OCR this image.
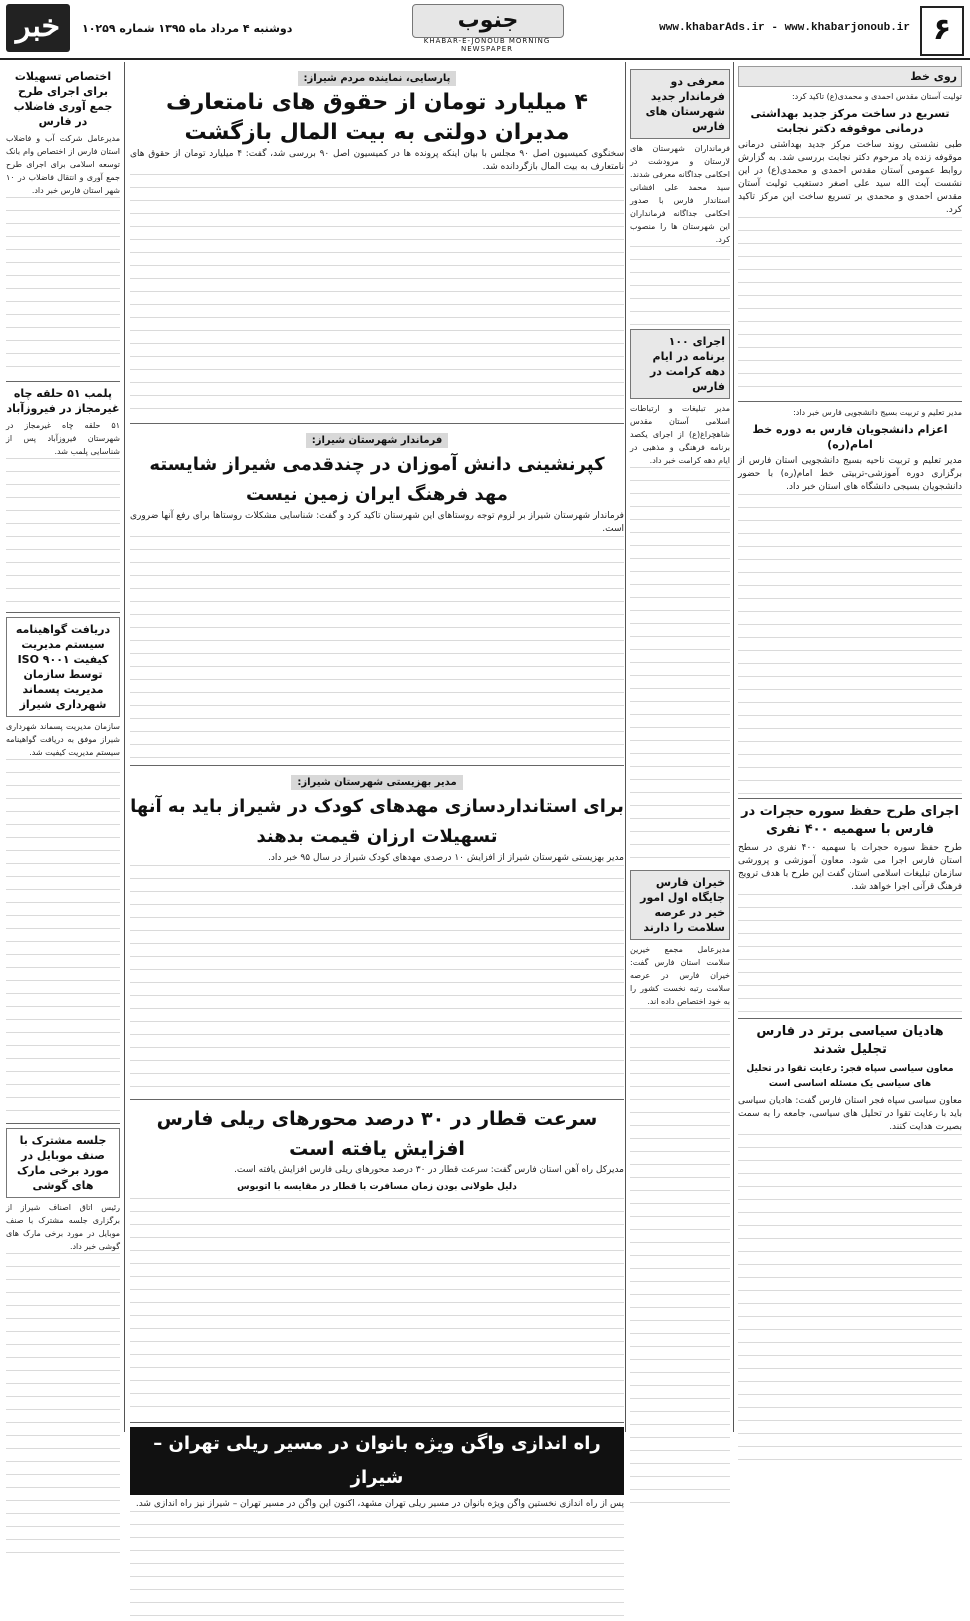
۶
www.khabarAds.ir - www.khabarjonoub.ir
جنوب
KHABAR-E-JONOUB MORNING NEWSPAPER
دوشنبه ۴ مرداد ماه ۱۳۹۵ شماره ۱۰۲۵۹
خبر
روی خط
تولیت آستان مقدس احمدی و محمدی(ع) تاکید کرد:
تسریع در ساخت مرکز جدید بهداشتی درمانی موقوفه دکتر نجابت
طبی نشستی روند ساخت مرکز جدید بهداشتی درمانی موقوفه زنده یاد مرحوم دکتر نجابت بررسی شد. به گزارش روابط عمومی آستان مقدس احمدی و محمدی(ع) در این نشست آیت الله سید علی اصغر دستغیب تولیت آستان مقدس احمدی و محمدی بر تسریع ساخت این مرکز تاکید کرد.
مدیر تعلیم و تربیت بسیج دانشجویی فارس خبر داد:
اعزام دانشجویان فارس به دوره خط امام(ره)
مدیر تعلیم و تربیت ناحیه بسیج دانشجویی استان فارس از برگزاری دوره آموزشی-تربیتی خط امام(ره) با حضور دانشجویان بسیجی دانشگاه های استان خبر داد.
اجرای طرح حفظ سوره حجرات در فارس با سهمیه ۴۰۰ نفری
طرح حفظ سوره حجرات با سهمیه ۴۰۰ نفری در سطح استان فارس اجرا می شود. معاون آموزشی و پرورشی سازمان تبلیغات اسلامی استان گفت این طرح با هدف ترویج فرهنگ قرآنی اجرا خواهد شد.
هادیان سیاسی برتر در فارس تجلیل شدند
معاون سیاسی سپاه فجر: رعایت تقوا در تحلیل های سیاسی یک مسئله اساسی است
معاون سیاسی سپاه فجر استان فارس گفت: هادیان سیاسی باید با رعایت تقوا در تحلیل های سیاسی، جامعه را به سمت بصیرت هدایت کنند.
معرفی دو فرماندار جدید شهرستان های فارس
فرمانداران شهرستان های لارستان و مرودشت در احکامی جداگانه معرفی شدند. سید محمد علی افشانی استاندار فارس با صدور احکامی جداگانه فرمانداران این شهرستان ها را منصوب کرد.
اجرای ۱۰۰ برنامه در ایام دهه کرامت در فارس
مدیر تبلیغات و ارتباطات اسلامی آستان مقدس شاهچراغ(ع) از اجرای یکصد برنامه فرهنگی و مذهبی در ایام دهه کرامت خبر داد.
خیران فارس جایگاه اول امور خیر در عرصه سلامت را دارند
مدیرعامل مجمع خیرین سلامت استان فارس گفت: خیران فارس در عرصه سلامت رتبه نخست کشور را به خود اختصاص داده اند.
پارسایی، نماینده مردم شیراز:
۴ میلیارد تومان از حقوق های نامتعارف مدیران دولتی به بیت المال بازگشت
سخنگوی کمیسیون اصل ۹۰ مجلس با بیان اینکه پرونده ها در کمیسیون اصل ۹۰ بررسی شد، گفت: ۴ میلیارد تومان از حقوق های نامتعارف به بیت المال بازگردانده شد.
فرماندار شهرستان شیراز:
کپرنشینی دانش آموزان در چندقدمی شیراز شایسته مهد فرهنگ ایران زمین نیست
فرماندار شهرستان شیراز بر لزوم توجه روستاهای این شهرستان تاکید کرد و گفت: شناسایی مشکلات روستاها برای رفع آنها ضروری است.
مدیر بهزیستی شهرستان شیراز:
برای استانداردسازی مهدهای کودک در شیراز باید به آنها تسهیلات ارزان قیمت بدهند
مدیر بهزیستی شهرستان شیراز از افزایش ۱۰ درصدی مهدهای کودک شیراز در سال ۹۵ خبر داد.
سرعت قطار در ۳۰ درصد محورهای ریلی فارس افزایش یافته است
مدیرکل راه آهن استان فارس گفت: سرعت قطار در ۳۰ درصد محورهای ریلی فارس افزایش یافته است.
دلیل طولانی بودن زمان مسافرت با قطار در مقایسه با اتوبوس
راه اندازی واگن ویژه بانوان در مسیر ریلی تهران – شیراز
پس از راه اندازی نخستین واگن ویژه بانوان در مسیر ریلی تهران مشهد، اکنون این واگن در مسیر تهران – شیراز نیز راه اندازی شد.
اختصاص تسهیلات برای اجرای طرح جمع آوری فاضلاب در فارس
مدیرعامل شرکت آب و فاضلاب استان فارس از اختصاص وام بانک توسعه اسلامی برای اجرای طرح جمع آوری و انتقال فاضلاب در ۱۰ شهر استان فارس خبر داد.
پلمب ۵۱ حلقه چاه غیرمجاز در فیروزآباد
۵۱ حلقه چاه غیرمجاز در شهرستان فیروزآباد پس از شناسایی پلمب شد.
دریافت گواهینامه سیستم مدیریت کیفیت ISO ۹۰۰۱ توسط سازمان مدیریت پسماند شهرداری شیراز
سازمان مدیریت پسماند شهرداری شیراز موفق به دریافت گواهینامه سیستم مدیریت کیفیت شد.
جلسه مشترک با صنف موبایل در مورد برخی مارک های گوشی
رئیس اتاق اصناف شیراز از برگزاری جلسه مشترک با صنف موبایل در مورد برخی مارک های گوشی خبر داد.
